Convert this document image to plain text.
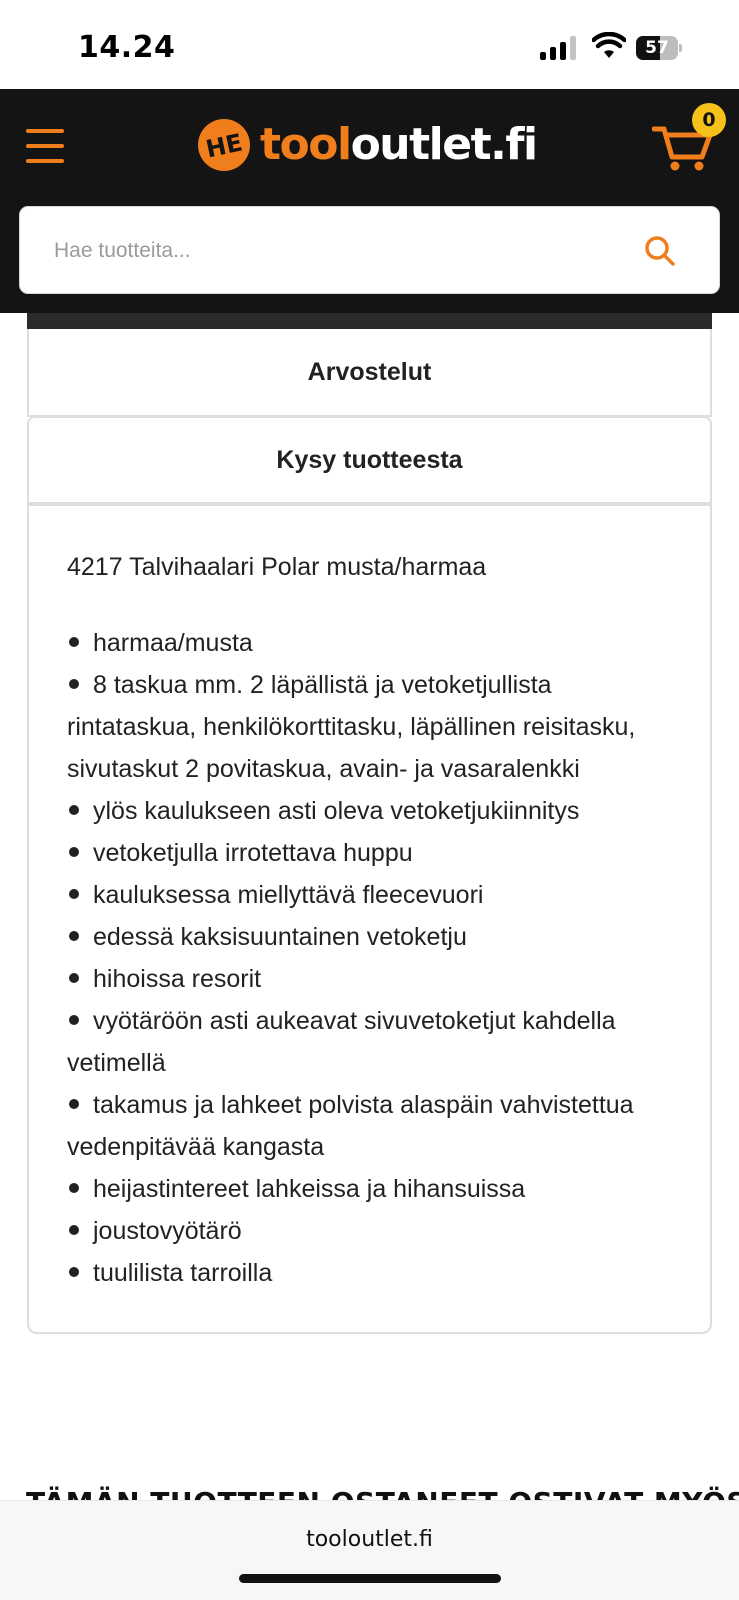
14.24	57
HE tooloutlet.fi	0
Hae tuotteita...
Arvostelut
Kysy tuotteesta
4217 Talvihaalari Polar musta/harmaa
harmaa/musta
8 taskua mm. 2 läpällistä ja vetoketjullista rintataskua, henkilökorttitasku, läpällinen reisitasku, sivutaskut 2 povitaskua, avain- ja vasaralenkki
ylös kaulukseen asti oleva vetoketjukiinnitys
vetoketjulla irrotettava huppu
kauluksessa miellyttävä fleecevuori
edessä kaksisuuntainen vetoketju
hihoissa resorit
vyötäröön asti aukeavat sivuvetoketjut kahdella vetimellä
takamus ja lahkeet polvista alaspäin vahvistettua vedenpitävää kangasta
heijastintereet lahkeissa ja hihansuissa
joustovyötärö
tuulilista tarroilla
tooloutlet.fi
